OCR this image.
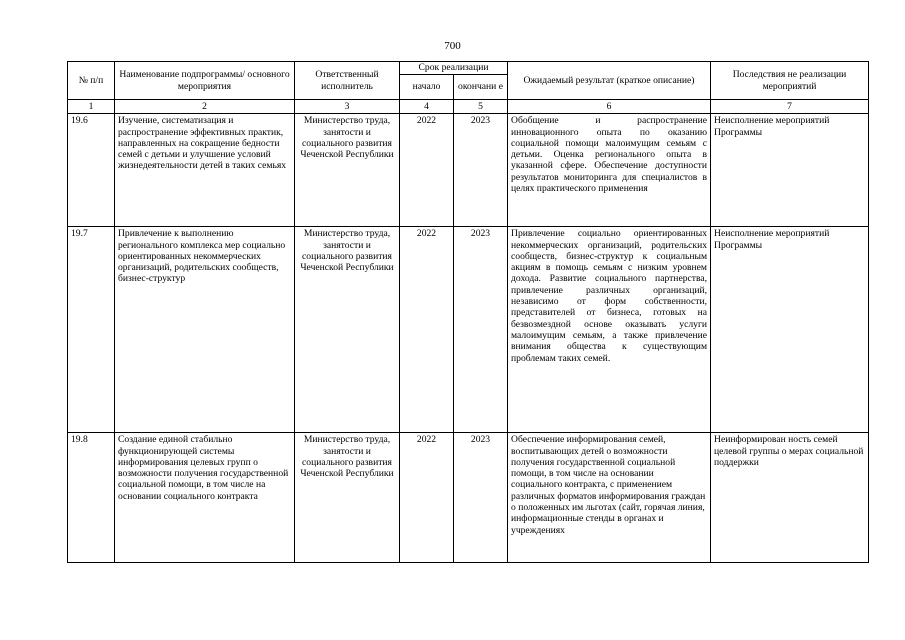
700
№ п/п	Наименование подпрограммы/ основного мероприятия	Ответственный исполнитель	Срок реализации		Ожидаемый результат (краткое описание)	Последствия не реализации мероприятий
			начало	окончани е		
1	2	3	4	5	6	7
19.6	Изучение, систематизация и распространение эффективных практик, направленных на сокращение бедности семей с детьми и улучшение условий жизнедеятельности детей в таких семьях	Министерство труда, занятости и социального развития Чеченской Республики	2022	2023	Обобщение и распространение инновационного опыта по оказанию социальной помощи малоимущим семьям с детьми. Оценка регионального опыта в указанной сфере. Обеспечение доступности результатов мониторинга для специалистов в целях практического применения	Неисполнение мероприятий Программы
19.7	Привлечение к выполнению регионального комплекса мер социально ориентированных некоммерческих организаций, родительских сообществ, бизнес-структур	Министерство труда, занятости и социального развития Чеченской Республики	2022	2023	Привлечение социально ориентированных некоммерческих организаций, родительских сообществ, бизнес-структур к социальным акциям в помощь семьям с низким уровнем дохода. Развитие социального партнерства, привлечение различных организаций, независимо от форм собственности, представителей от бизнеса, готовых на безвозмездной основе оказывать услуги малоимущим семьям, а также привлечение внимания общества к существующим проблемам таких семей.	Неисполнение мероприятий Программы
19.8	Создание единой стабильно функционирующей системы информирования целевых групп о возможности получения государственной социальной помощи, в том числе на основании социального контракта	Министерство труда, занятости и социального развития Чеченской Республики	2022	2023	Обеспечение информирования семей, воспитывающих детей о возможности получения государственной социальной помощи, в том числе на основании социального контракта, с применением различных форматов информирования граждан о положенных им льготах (сайт, горячая линия, информационные стенды в органах и учреждениях	Неинформирован ность семей целевой группы о мерах социальной поддержки
